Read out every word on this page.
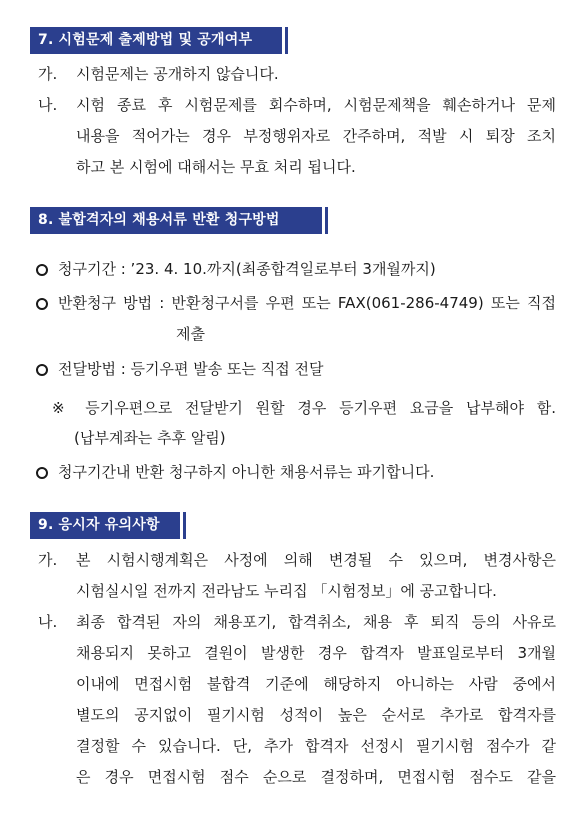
7. 시험문제 출제방법 및 공개여부
가. 시험문제는 공개하지 않습니다.
나. 시험 종료 후 시험문제를 회수하며, 시험문제책을 훼손하거나 문제
내용을 적어가는 경우 부정행위자로 간주하며, 적발 시 퇴장 조치
하고 본 시험에 대해서는 무효 처리 됩니다.
8. 불합격자의 채용서류 반환 청구방법
청구기간 : ’23. 4. 10.까지(최종합격일로부터 3개월까지)
반환청구 방법 : 반환청구서를 우편 또는 FAX(061-286-4749) 또는 직접
제출
전달방법 : 등기우편 발송 또는 직접 전달
※ 등기우편으로 전달받기 원할 경우 등기우편 요금을 납부해야 함.
(납부계좌는 추후 알림)
청구기간내 반환 청구하지 아니한 채용서류는 파기합니다.
9. 응시자 유의사항
가. 본 시험시행계획은 사정에 의해 변경될 수 있으며, 변경사항은
시험실시일 전까지 전라남도 누리집 「시험정보」에 공고합니다.
나. 최종 합격된 자의 채용포기, 합격취소, 채용 후 퇴직 등의 사유로
채용되지 못하고 결원이 발생한 경우 합격자 발표일로부터 3개월
이내에 면접시험 불합격 기준에 해당하지 아니하는 사람 중에서
별도의 공지없이 필기시험 성적이 높은 순서로 추가로 합격자를
결정할 수 있습니다. 단, 추가 합격자 선정시 필기시험 점수가 같
은 경우 면접시험 점수 순으로 결정하며, 면접시험 점수도 같을
